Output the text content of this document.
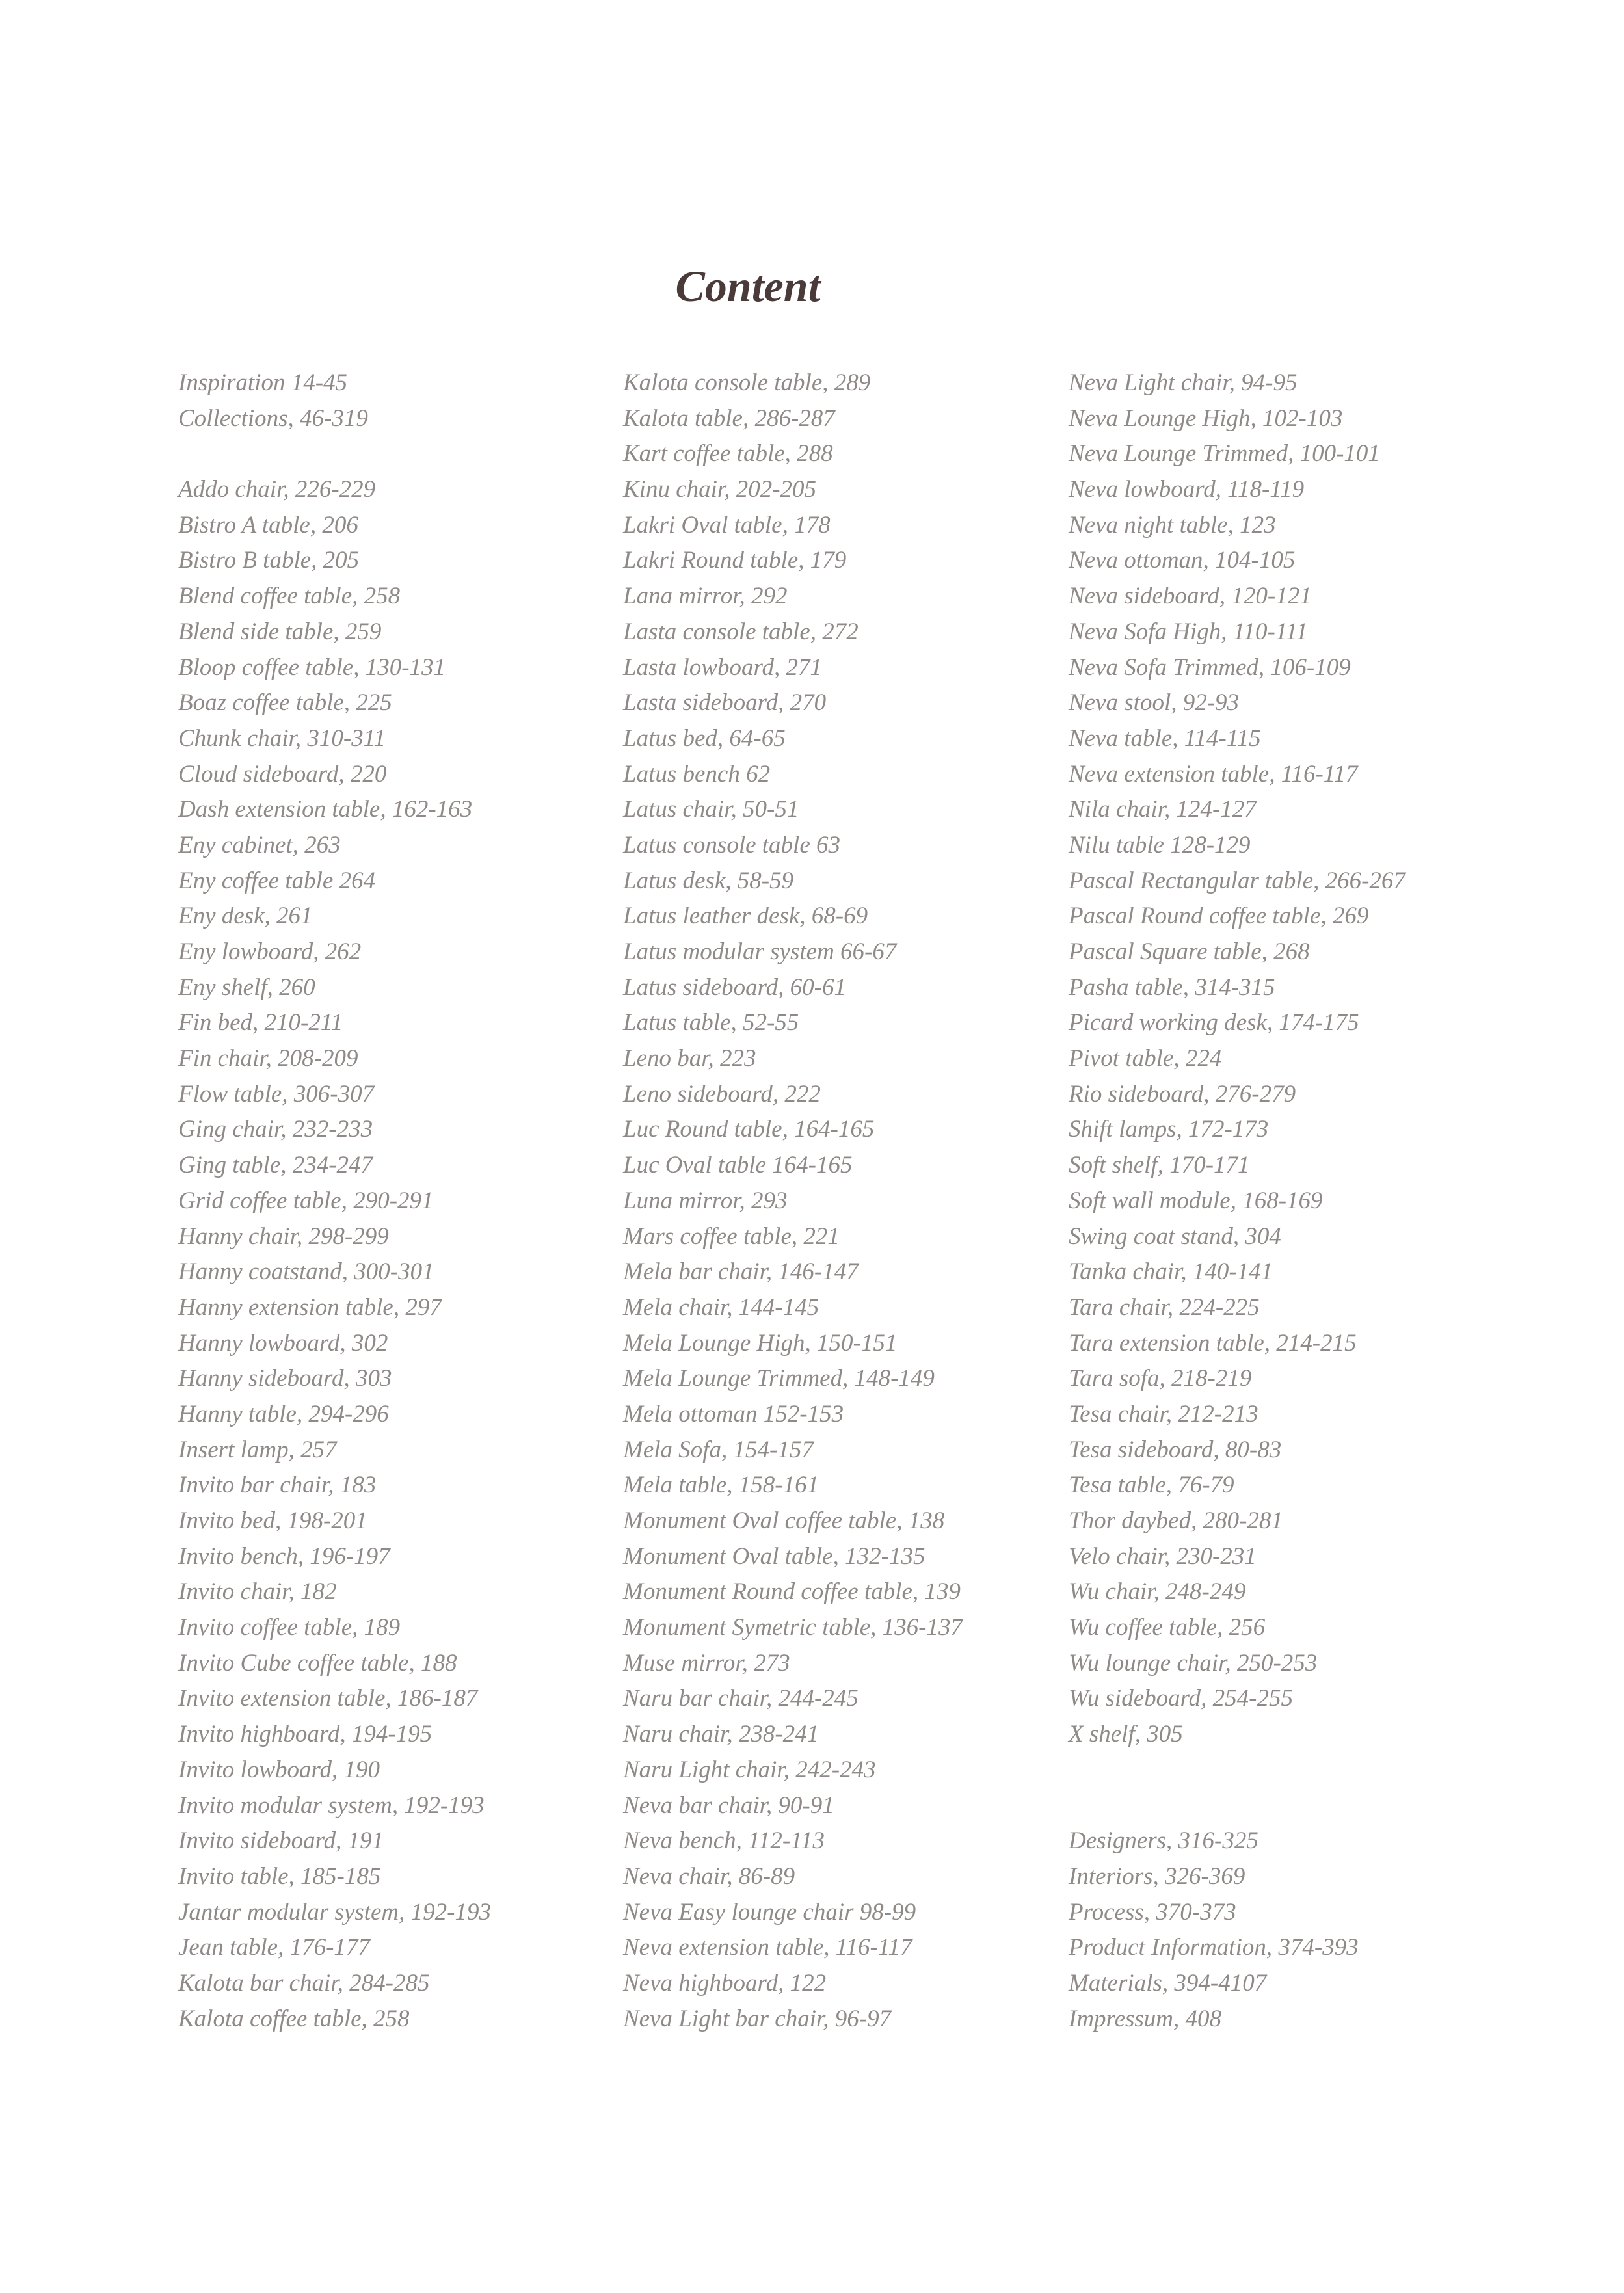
Content
Inspiration 14-45
Collections, 46-319
Addo chair, 226-229
Bistro A table, 206
Bistro B table, 205
Blend coffee table, 258
Blend side table, 259
Bloop coffee table, 130-131
Boaz coffee table, 225
Chunk chair, 310-311
Cloud sideboard, 220
Dash extension table, 162-163
Eny cabinet, 263
Eny coffee table 264
Eny desk, 261
Eny lowboard, 262
Eny shelf, 260
Fin bed, 210-211
Fin chair, 208-209
Flow table, 306-307
Ging chair, 232-233
Ging table, 234-247
Grid coffee table, 290-291
Hanny chair, 298-299
Hanny coatstand, 300-301
Hanny extension table, 297
Hanny lowboard, 302
Hanny sideboard, 303
Hanny table, 294-296
Insert lamp, 257
Invito bar chair, 183
Invito bed, 198-201
Invito bench, 196-197
Invito chair, 182
Invito coffee table, 189
Invito Cube coffee table, 188
Invito extension table, 186-187
Invito highboard, 194-195
Invito lowboard, 190
Invito modular system, 192-193
Invito sideboard, 191
Invito table, 185-185
Jantar modular system, 192-193
Jean table, 176-177
Kalota bar chair, 284-285
Kalota coffee table, 258
Kalota console table, 289
Kalota table, 286-287
Kart coffee table, 288
Kinu chair, 202-205
Lakri Oval table, 178
Lakri Round table, 179
Lana mirror, 292
Lasta console table, 272
Lasta lowboard, 271
Lasta sideboard, 270
Latus bed, 64-65
Latus bench 62
Latus chair, 50-51
Latus console table 63
Latus desk, 58-59
Latus leather desk, 68-69
Latus modular system 66-67
Latus sideboard, 60-61
Latus table, 52-55
Leno bar, 223
Leno sideboard, 222
Luc Round table, 164-165
Luc Oval table 164-165
Luna mirror, 293
Mars coffee table, 221
Mela bar chair, 146-147
Mela chair, 144-145
Mela Lounge High, 150-151
Mela Lounge Trimmed, 148-149
Mela ottoman 152-153
Mela Sofa, 154-157
Mela table, 158-161
Monument Oval coffee table, 138
Monument Oval table, 132-135
Monument Round coffee table, 139
Monument Symetric table, 136-137
Muse mirror, 273
Naru bar chair, 244-245
Naru chair, 238-241
Naru Light chair, 242-243
Neva bar chair, 90-91
Neva bench, 112-113
Neva chair, 86-89
Neva Easy lounge chair 98-99
Neva extension table, 116-117
Neva highboard, 122
Neva Light bar chair, 96-97
Neva Light chair, 94-95
Neva Lounge High, 102-103
Neva Lounge Trimmed, 100-101
Neva lowboard, 118-119
Neva night table, 123
Neva ottoman, 104-105
Neva sideboard, 120-121
Neva Sofa High, 110-111
Neva Sofa Trimmed, 106-109
Neva stool, 92-93
Neva table, 114-115
Neva extension table, 116-117
Nila chair, 124-127
Nilu table 128-129
Pascal Rectangular table, 266-267
Pascal Round coffee table, 269
Pascal Square table, 268
Pasha table, 314-315
Picard working desk, 174-175
Pivot table, 224
Rio sideboard, 276-279
Shift lamps, 172-173
Soft shelf, 170-171
Soft wall module, 168-169
Swing coat stand, 304
Tanka chair, 140-141
Tara chair, 224-225
Tara extension table, 214-215
Tara sofa, 218-219
Tesa chair, 212-213
Tesa sideboard, 80-83
Tesa table, 76-79
Thor daybed, 280-281
Velo chair, 230-231
Wu chair, 248-249
Wu coffee table, 256
Wu lounge chair, 250-253
Wu sideboard, 254-255
X shelf, 305
Designers, 316-325
Interiors, 326-369
Process, 370-373
Product Information, 374-393
Materials, 394-4107
Impressum, 408
